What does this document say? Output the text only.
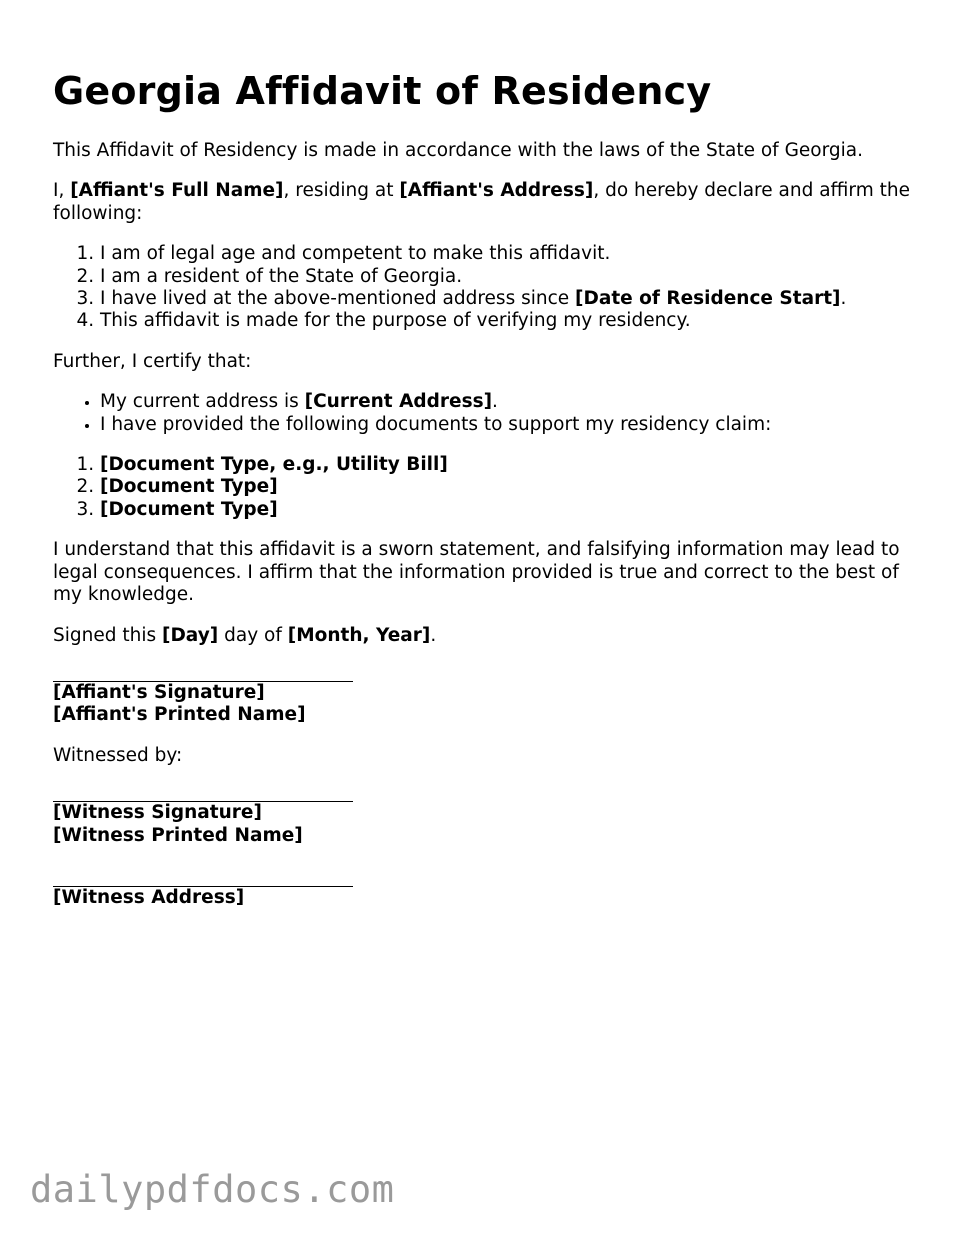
Georgia Affidavit of Residency

This Affidavit of Residency is made in accordance with the laws of the State of Georgia.

I, [Affiant's Full Name], residing at [Affiant's Address], do hereby declare and affirm the following:

1. I am of legal age and competent to make this affidavit.
2. I am a resident of the State of Georgia.
3. I have lived at the above-mentioned address since [Date of Residence Start].
4. This affidavit is made for the purpose of verifying my residency.

Further, I certify that:

• My current address is [Current Address].
• I have provided the following documents to support my residency claim:
1. [Document Type, e.g., Utility Bill]
2. [Document Type]
3. [Document Type]

I understand that this affidavit is a sworn statement, and falsifying information may lead to legal consequences. I affirm that the information provided is true and correct to the best of my knowledge.

Signed this [Day] day of [Month, Year].

[Affiant's Signature]
[Affiant's Printed Name]

Witnessed by:

[Witness Signature]
[Witness Printed Name]
[Witness Address]
dailypdfdocs.com
